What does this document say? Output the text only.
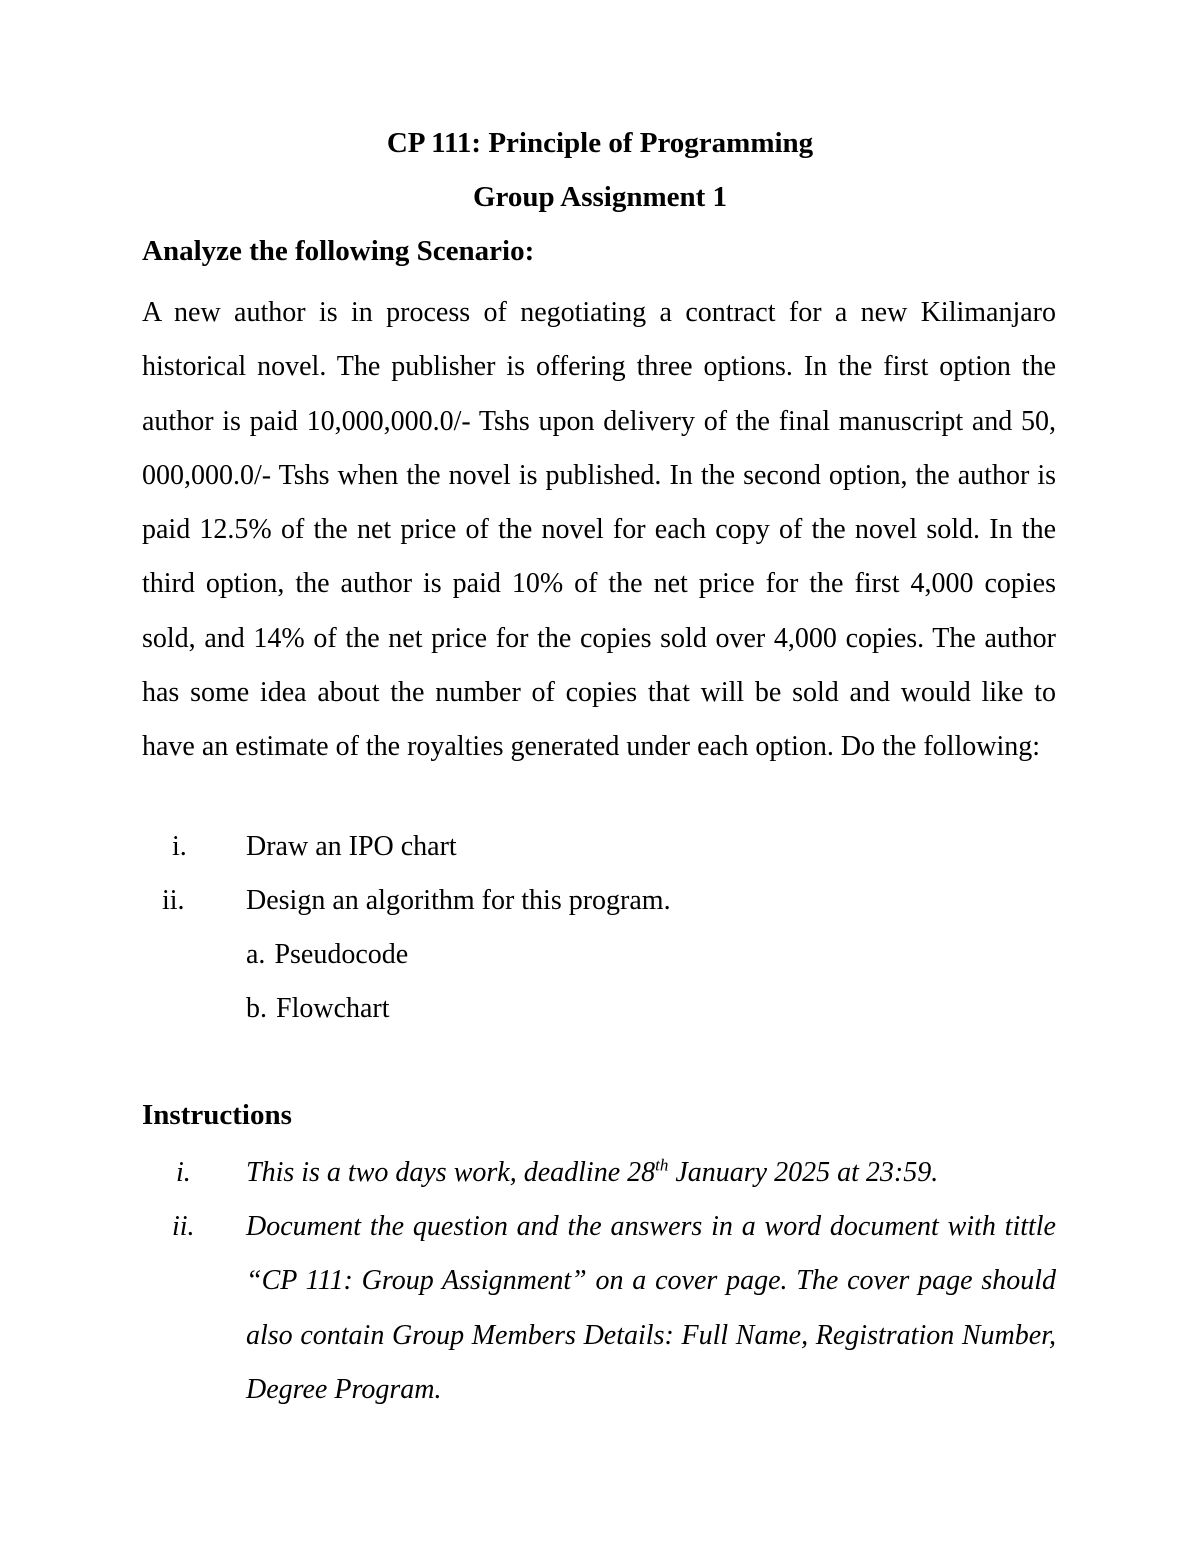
CP 111: Principle of Programming
Group Assignment 1
Analyze the following Scenario:

A new author is in process of negotiating a contract for a new Kilimanjaro historical novel. The publisher is offering three options. In the first option the author is paid 10,000,000.0/- Tshs upon delivery of the final manuscript and 50, 000,000.0/- Tshs when the novel is published. In the second option, the author is paid 12.5% of the net price of the novel for each copy of the novel sold. In the third option, the author is paid 10% of the net price for the first 4,000 copies sold, and 14% of the net price for the copies sold over 4,000 copies. The author has some idea about the number of copies that will be sold and would like to have an estimate of the royalties generated under each option. Do the following:

i. Draw an IPO chart
ii. Design an algorithm for this program.
a. Pseudocode
b. Flowchart
Instructions
i. This is a two days work, deadline 28th January 2025 at 23:59.

ii. Document the question and the answers in a word document with tittle “CP 111: Group Assignment” on a cover page. The cover page should also contain Group Members Details: Full Name, Registration Number, Degree Program.
